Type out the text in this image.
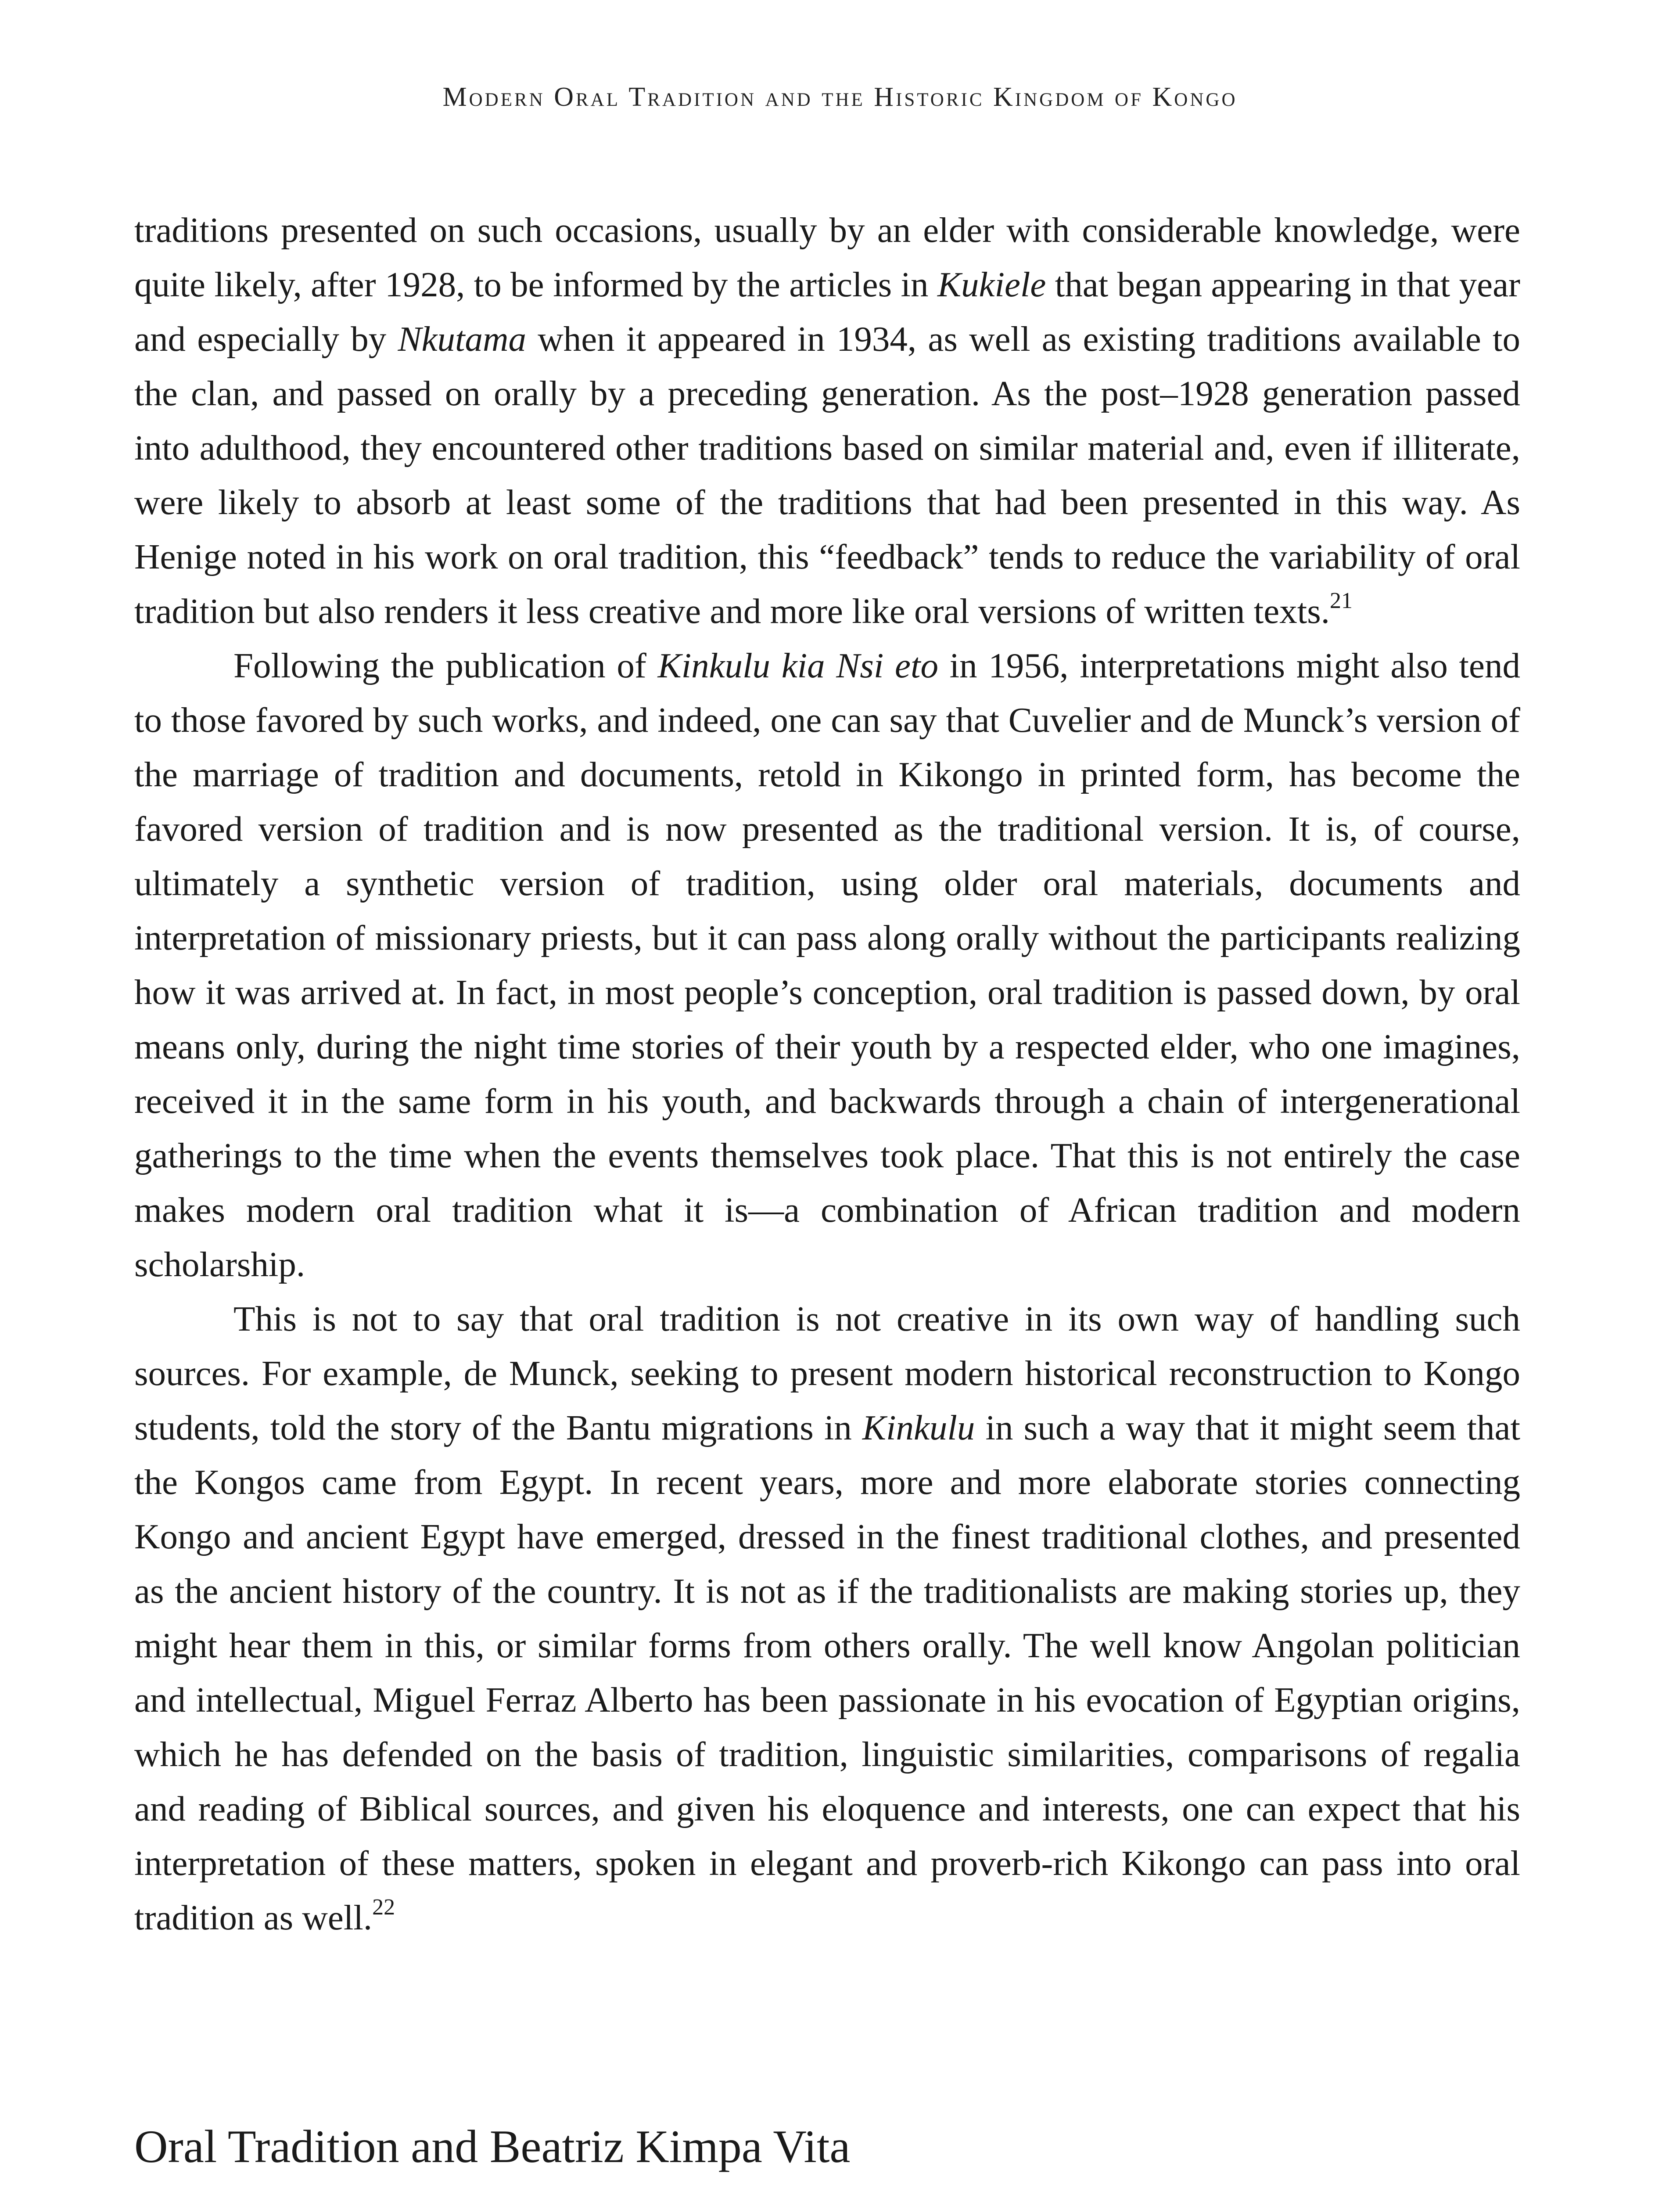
Modern Oral Tradition and the Historic Kingdom of Kongo

traditions presented on such occasions, usually by an elder with considerable knowledge, were quite likely, after 1928, to be informed by the articles in Kukiele that began appearing in that year and especially by Nkutama when it appeared in 1934, as well as existing traditions available to the clan, and passed on orally by a preceding generation. As the post–1928 generation passed into adulthood, they encountered other traditions based on similar material and, even if illiterate, were likely to absorb at least some of the traditions that had been presented in this way. As Henige noted in his work on oral tradition, this “feedback” tends to reduce the variability of oral tradition but also renders it less creative and more like oral versions of written texts.$^{21}$

Following the publication of Kinkulu kia Nsi eto in 1956, interpretations might also tend to those favored by such works, and indeed, one can say that Cuvelier and de Munck’s version of the marriage of tradition and documents, retold in Kikongo in printed form, has become the favored version of tradition and is now presented as the traditional version. It is, of course, ultimately a synthetic version of tradition, using older oral materials, documents and interpretation of missionary priests, but it can pass along orally without the participants realizing how it was arrived at. In fact, in most people’s conception, oral tradition is passed down, by oral means only, during the night time stories of their youth by a respected elder, who one imagines, received it in the same form in his youth, and backwards through a chain of intergenerational gatherings to the time when the events themselves took place. That this is not entirely the case makes modern oral tradition what it is—a combination of African tradition and modern scholarship.

This is not to say that oral tradition is not creative in its own way of handling such sources. For example, de Munck, seeking to present modern historical reconstruction to Kongo students, told the story of the Bantu migrations in Kinkulu in such a way that it might seem that the Kongos came from Egypt. In recent years, more and more elaborate stories connecting Kongo and ancient Egypt have emerged, dressed in the finest traditional clothes, and presented as the ancient history of the country. It is not as if the traditionalists are making stories up, they might hear them in this, or similar forms from others orally. The well know Angolan politician and intellectual, Miguel Ferraz Alberto has been passionate in his evocation of Egyptian origins, which he has defended on the basis of tradition, linguistic similarities, comparisons of regalia and reading of Biblical sources, and given his eloquence and interests, one can expect that his interpretation of these matters, spoken in elegant and proverb-rich Kikongo can pass into oral tradition as well.$^{22}$

Oral Tradition and Beatriz Kimpa Vita
